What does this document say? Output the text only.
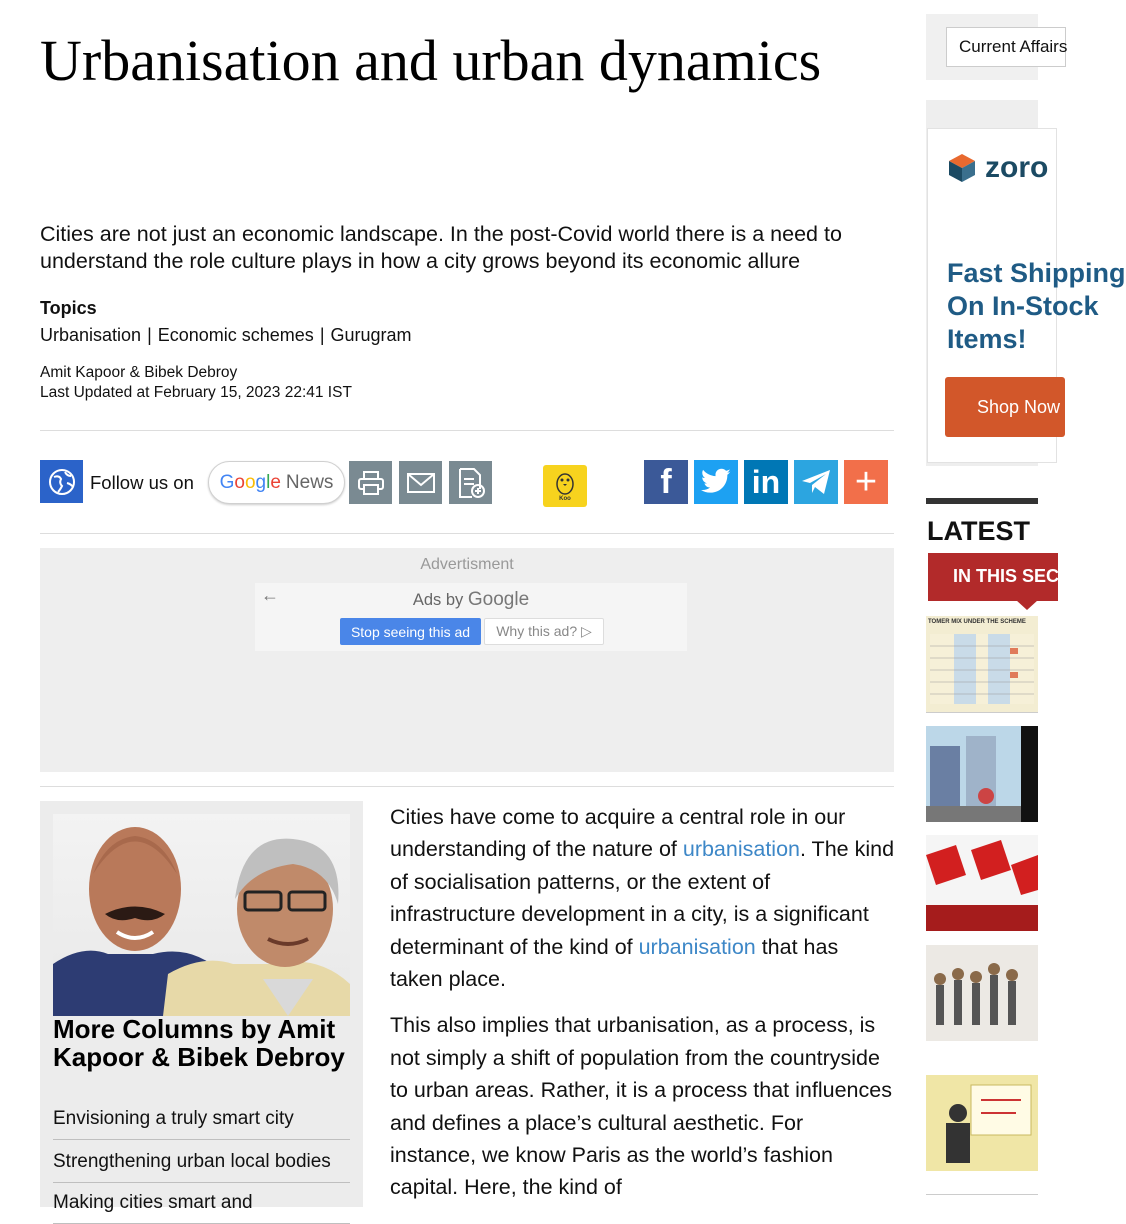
Urbanisation and urban dynamics

Cities are not just an economic landscape. In the post-Covid world there is a need to understand the role culture plays in how a city grows beyond its economic allure

Topics
Urbanisation | Economic schemes | Gurugram
Amit Kapoor & Bibek Debroy
Last Updated at February 15, 2023 22:41 IST
Follow us on G o o g l e News
Koo	f	in +
Advertisment
←	Ads by Google
Stop seeing this ad	Why this ad? ▷
More Columns by Amit Kapoor & Bibek Debroy
Envisioning a truly smart city
Strengthening urban local bodies
Making cities smart and

Cities have come to acquire a central role in our understanding of the nature of urbanisation. The kind of socialisation patterns, or the extent of infrastructure development in a city, is a significant determinant of the kind of urbanisation that has taken place.

This also implies that urbanisation, as a process, is not simply a shift of population from the countryside to urban areas. Rather, it is a process that influences and defines a place’s cultural aesthetic. For instance, we know Paris as the world’s fashion capital. Here, the kind of

Current Affairs
zoro
Fast Shipping
On In-Stock
Items!
Shop Now
LATEST
IN THIS SECTION
TOMER MIX UNDER THE SCHEME
